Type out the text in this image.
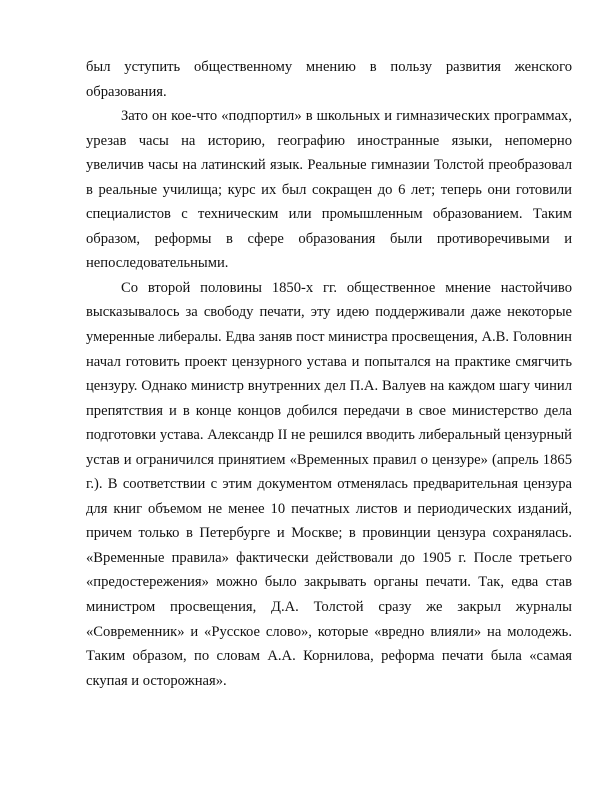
был уступить общественному мнению в пользу развития женского образования.

Зато он кое-что «подпортил» в школьных и гимназических программах, урезав часы на историю, географию иностранные языки, непомерно увеличив часы на латинский язык. Реальные гимназии Толстой преобразовал в реальные училища; курс их был сокращен до 6 лет; теперь они готовили специалистов с техническим или промышленным образованием. Таким образом, реформы в сфере образования были противоречивыми и непоследовательными.

Со второй половины 1850-х гг. общественное мнение настойчиво высказывалось за свободу печати, эту идею поддерживали даже некоторые умеренные либералы. Едва заняв пост министра просвещения, А.В. Головнин начал готовить проект цензурного устава и попытался на практике смягчить цензуру. Однако министр внутренних дел П.А. Валуев на каждом шагу чинил препятствия и в конце концов добился передачи в свое министерство дела подготовки устава. Александр II не решился вводить либеральный цензурный устав и ограничился принятием «Временных правил о цензуре» (апрель 1865 г.). В соответствии с этим документом отменялась предварительная цензура для книг объемом не менее 10 печатных листов и периодических изданий, причем только в Петербурге и Москве; в провинции цензура сохранялась. «Временные правила» фактически действовали до 1905 г. После третьего «предостережения» можно было закрывать органы печати. Так, едва став министром просвещения, Д.А. Толстой сразу же закрыл журналы «Современник» и «Русское слово», которые «вредно влияли» на молодежь. Таким образом, по словам А.А. Корнилова, реформа печати была «самая скупая и осторожная».
